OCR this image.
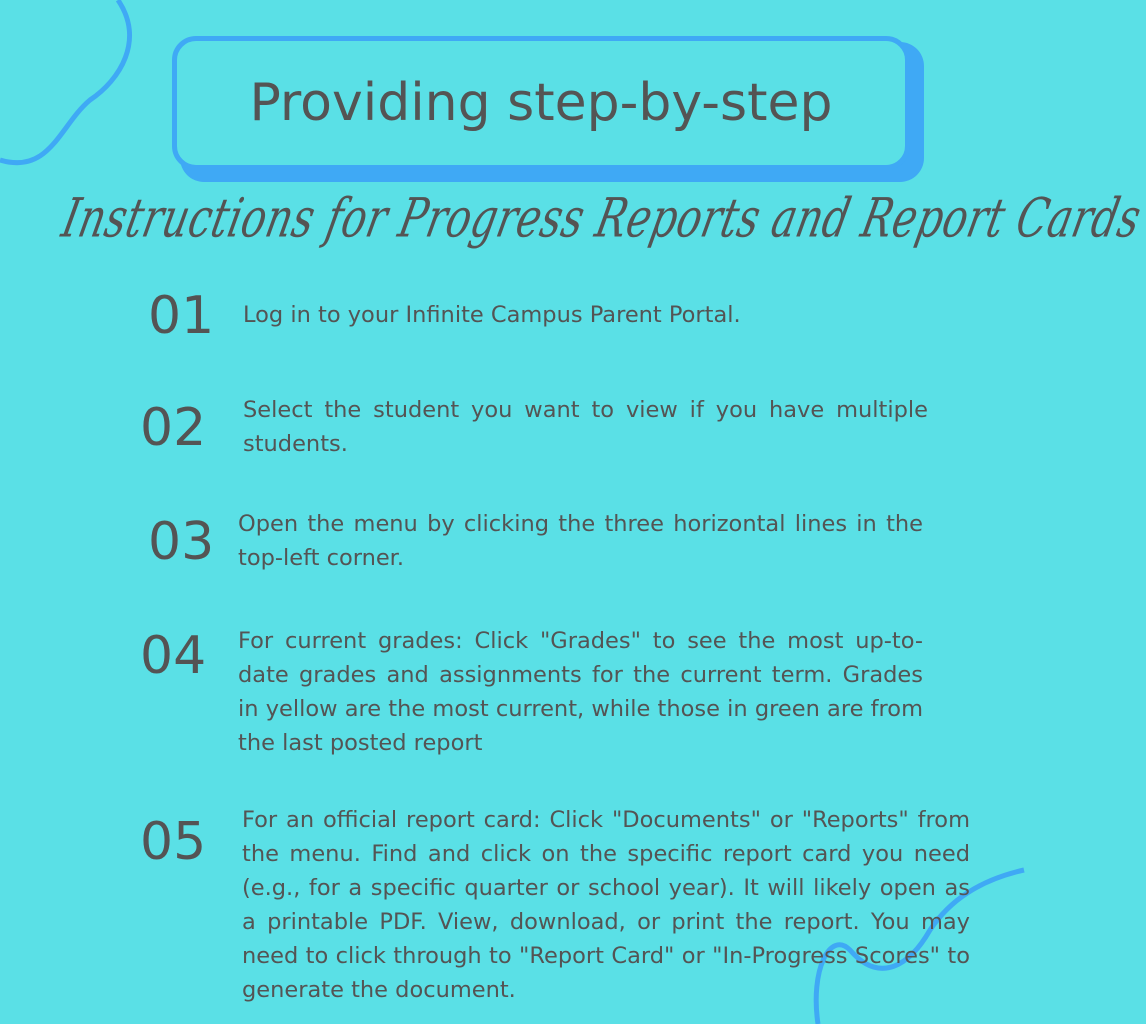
Providing step-by-step
Instructions for Progress Reports and Report Cards
01 Log in to your Infinite Campus Parent Portal.
02 Select the student you want to view if you have multiple students.
03 Open the menu by clicking the three horizontal lines in the top-left corner.
04 For current grades: Click "Grades" to see the most up-to-date grades and assignments for the current term. Grades in yellow are the most current, while those in green are from the last posted report
05 For an official report card: Click "Documents" or "Reports" from the menu. Find and click on the specific report card you need (e.g., for a specific quarter or school year). It will likely open as a printable PDF. View, download, or print the report. You may need to click through to "Report Card" or "In-Progress Scores" to generate the document.
